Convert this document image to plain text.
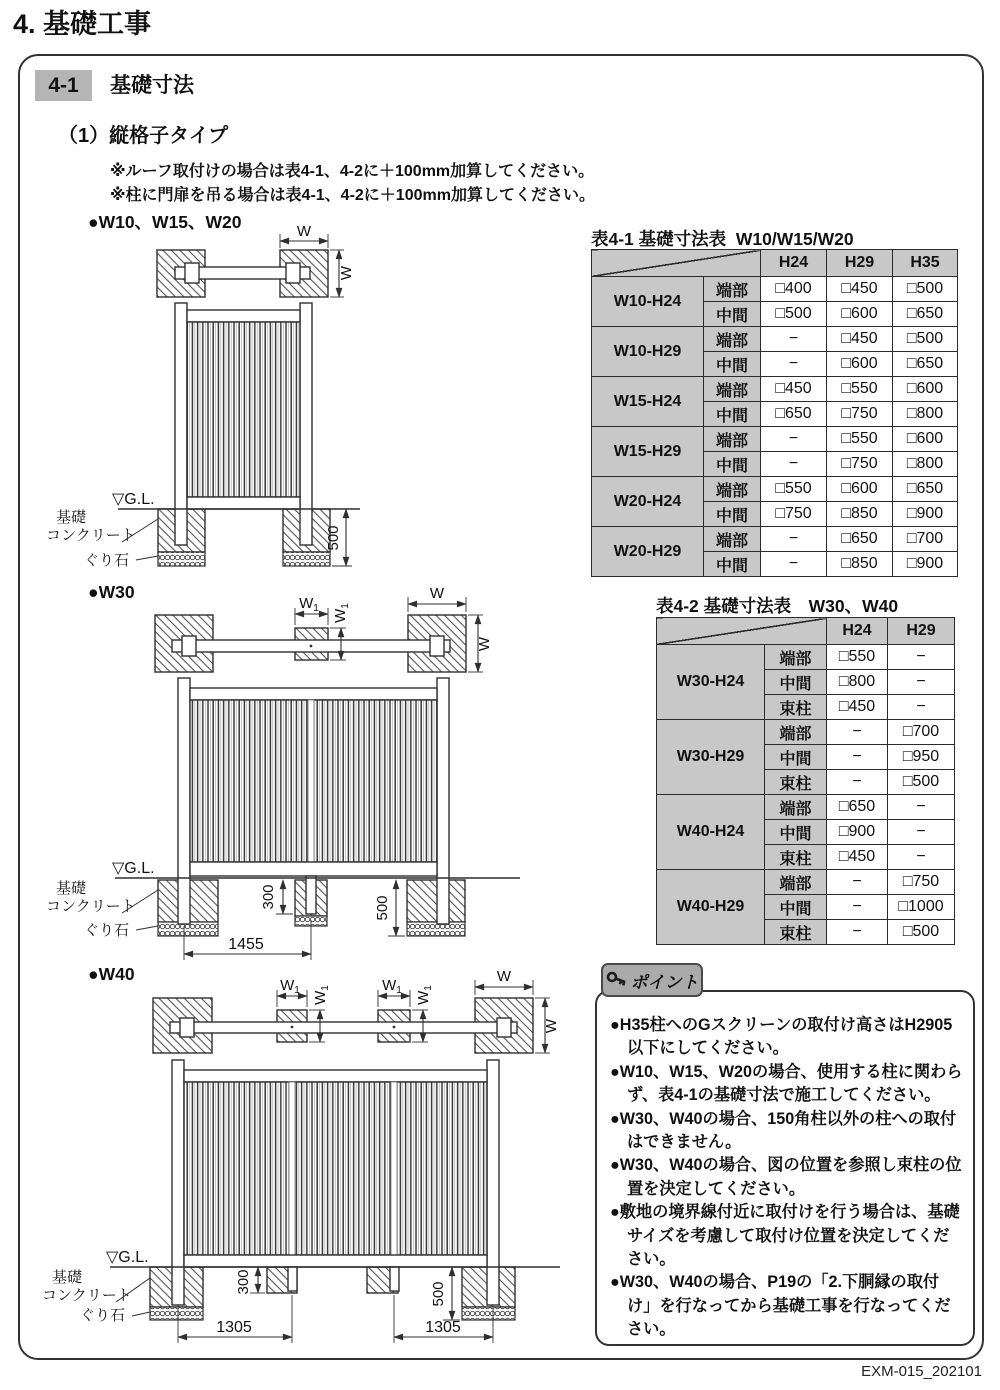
4. 基礎工事
4-1	基礎寸法
（1）縦格子タイプ
※ルーフ取付けの場合は表4-1、4-2に＋100mm加算してください。
※柱に門扉を吊る場合は表4-1、4-2に＋100mm加算してください。
●W10、W15、W20
●W30
●W40
W
W
▽G.L.
500
基礎
コンクリート
ぐり石
$W_1$
$W_1$
W
W
▽G.L.
300	500
1455
基礎
コンクリート
ぐり石
$W_1$
$W_1$	$W_1$
$W_1$
W
W
▽G.L.
300	500
1305	1305
基礎
コンクリート
ぐり石
表4-1 基礎寸法表  W10/W15/W20
		H24	H29	H35
W10-H24	端部	□400	□450	□500
	中間	□500	□600	□650
W10-H29	端部	−	□450	□500
	中間	−	□600	□650
W15-H24	端部	□450	□550	□600
	中間	□650	□750	□800
W15-H29	端部	−	□550	□600
	中間	−	□750	□800
W20-H24	端部	□550	□600	□650
	中間	□750	□850	□900
W20-H29	端部	−	□650	□700
	中間	−	□850	□900
表4-2 基礎寸法表　W30、W40
		H24	H29
W30-H24	端部	□550	−
	中間	□800	−
	束柱	□450	−
W30-H29	端部	−	□700
	中間	−	□950
	束柱	−	□500
W40-H24	端部	□650	−
	中間	□900	−
	束柱	□450	−
W40-H29	端部	−	□750
	中間	−	□1000
	束柱	−	□500
●H35柱へのGスクリーンの取付け高さはH2905以下にしてください。
●W10、W15、W20の場合、使用する柱に関わらず、表4-1の基礎寸法で施工してください。
●W30、W40の場合、150角柱以外の柱への取付はできません。
●W30、W40の場合、図の位置を参照し束柱の位置を決定してください。
●敷地の境界線付近に取付けを行う場合は、基礎サイズを考慮して取付け位置を決定してください。
●W30、W40の場合、P19の「2.下胴縁の取付け」を行なってから基礎工事を行なってください。
ポイント
EXM-015_202101
